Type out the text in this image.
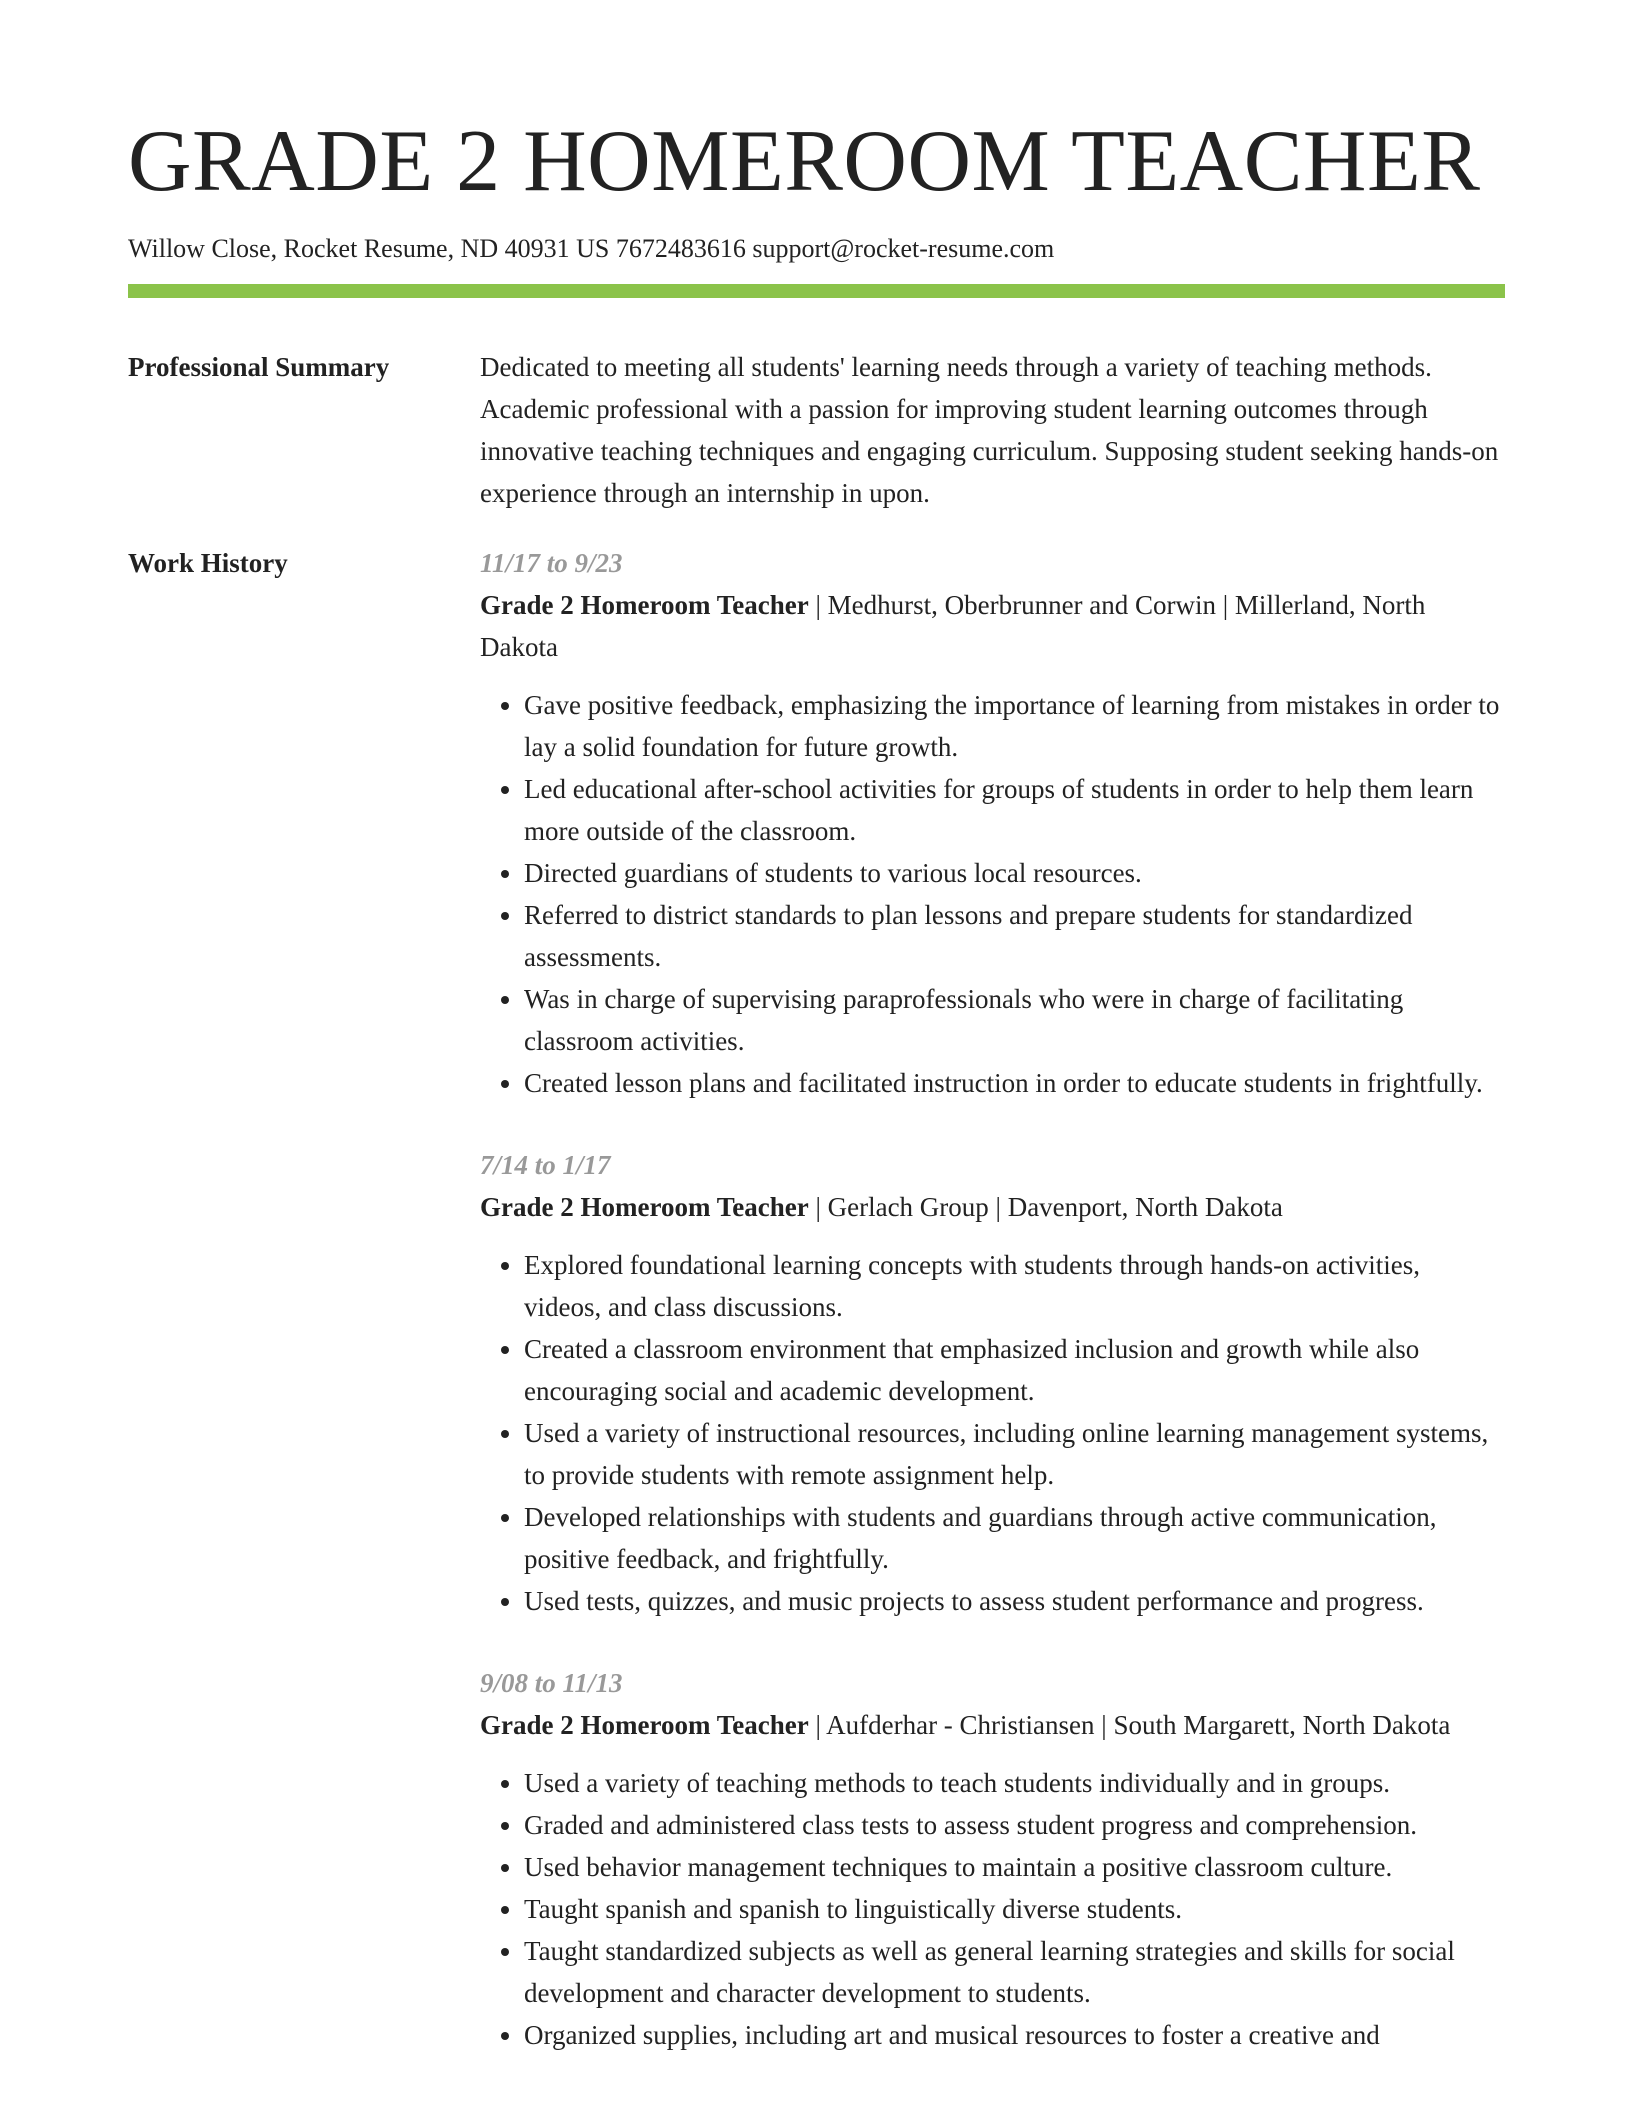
GRADE 2 HOMEROOM TEACHER
Willow Close, Rocket Resume, ND 40931 US 7672483616 support@rocket-resume.com
Professional Summary	Dedicated to meeting all students' learning needs through a variety of teaching methods. Academic professional with a passion for improving student learning outcomes through innovative teaching techniques and engaging curriculum. Supposing student seeking hands-on experience through an internship in upon.

Work History	11/17 to 9/23

Grade 2 Homeroom Teacher | Medhurst, Oberbrunner and Corwin | Millerland, North Dakota

• Gave positive feedback, emphasizing the importance of learning from mistakes in order to lay a solid foundation for future growth.
• Led educational after-school activities for groups of students in order to help them learn more outside of the classroom.
• Directed guardians of students to various local resources.
• Referred to district standards to plan lessons and prepare students for standardized assessments.
• Was in charge of supervising paraprofessionals who were in charge of facilitating classroom activities.
• Created lesson plans and facilitated instruction in order to educate students in frightfully.
7/14 to 1/17

Grade 2 Homeroom Teacher | Gerlach Group | Davenport, North Dakota

• Explored foundational learning concepts with students through hands-on activities, videos, and class discussions.
• Created a classroom environment that emphasized inclusion and growth while also encouraging social and academic development.
• Used a variety of instructional resources, including online learning management systems, to provide students with remote assignment help.
• Developed relationships with students and guardians through active communication, positive feedback, and frightfully.
• Used tests, quizzes, and music projects to assess student performance and progress.
9/08 to 11/13

Grade 2 Homeroom Teacher | Aufderhar - Christiansen | South Margarett, North Dakota

• Used a variety of teaching methods to teach students individually and in groups.
• Graded and administered class tests to assess student progress and comprehension.
• Used behavior management techniques to maintain a positive classroom culture.
• Taught spanish and spanish to linguistically diverse students.
• Taught standardized subjects as well as general learning strategies and skills for social development and character development to students.
• Organized supplies, including art and musical resources to foster a creative and
